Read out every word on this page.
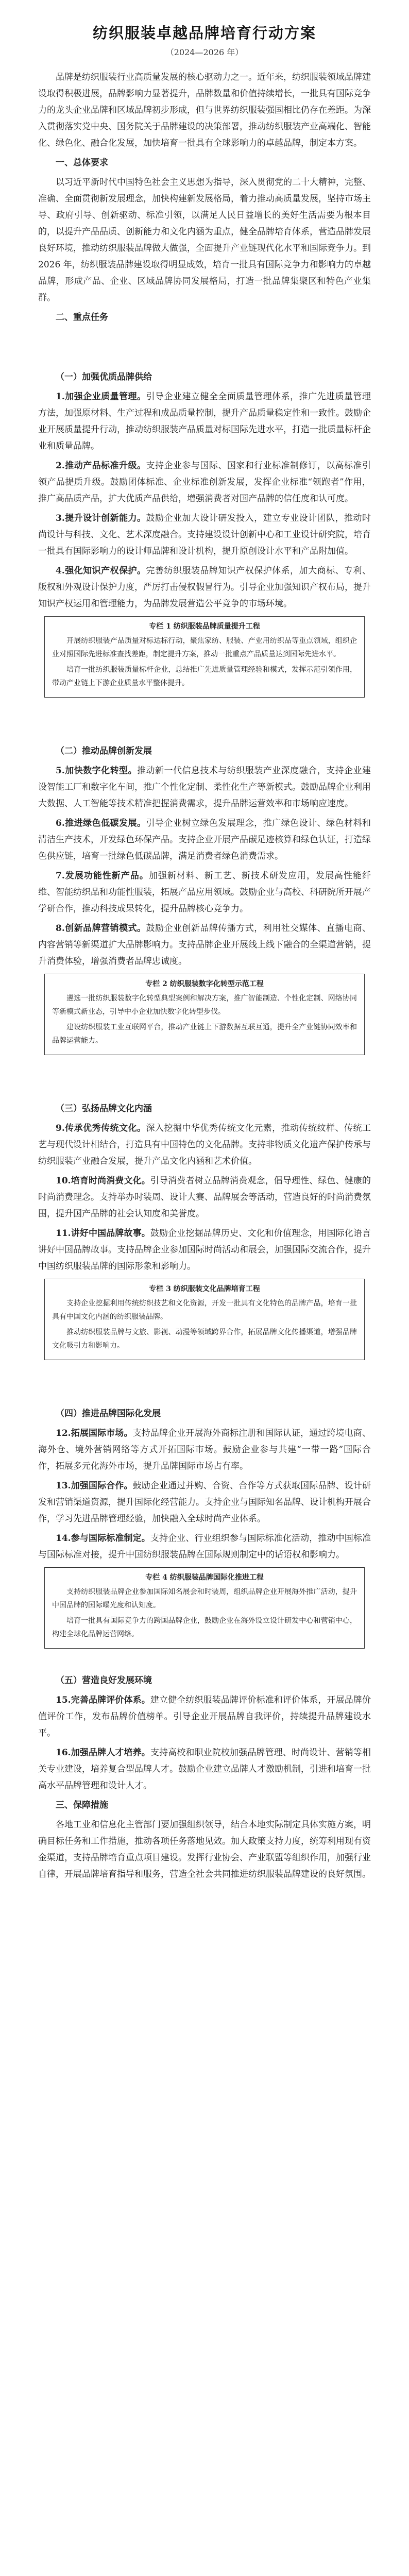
纺织服装卓越品牌培育行动方案
（2024—2026 年）

品牌是纺织服装行业高质量发展的核心驱动力之一。近年来，纺织服装领域品牌建设取得积极进展，品牌影响力显著提升，品牌数量和价值持续增长，一批具有国际竞争力的龙头企业品牌和区域品牌初步形成，但与世界纺织服装强国相比仍存在差距。为深入贯彻落实党中央、国务院关于品牌建设的决策部署，推动纺织服装产业高端化、智能化、绿色化、融合化发展，加快培育一批具有全球影响力的卓越品牌，制定本方案。

一、总体要求

以习近平新时代中国特色社会主义思想为指导，深入贯彻党的二十大精神，完整、准确、全面贯彻新发展理念，加快构建新发展格局，着力推动高质量发展，坚持市场主导、政府引导、创新驱动、标准引领，以满足人民日益增长的美好生活需要为根本目的，以提升产品品质、创新能力和文化内涵为重点，健全品牌培育体系，营造品牌发展良好环境，推动纺织服装品牌做大做强，全面提升产业链现代化水平和国际竞争力。到 2026 年，纺织服装品牌建设取得明显成效，培育一批具有国际竞争力和影响力的卓越品牌，形成产品、企业、区域品牌协同发展格局，打造一批品牌集聚区和特色产业集群。

二、重点任务
（一）加强优质品牌供给

1.加强企业质量管理。引导企业建立健全全面质量管理体系，推广先进质量管理方法，加强原材料、生产过程和成品质量控制，提升产品质量稳定性和一致性。鼓励企业开展质量提升行动，推动纺织服装产品质量对标国际先进水平，打造一批质量标杆企业和质量品牌。

2.推动产品标准升级。支持企业参与国际、国家和行业标准制修订，以高标准引领产品提质升级。鼓励团体标准、企业标准创新发展，发挥企业标准“领跑者”作用，推广高品质产品，扩大优质产品供给，增强消费者对国产品牌的信任度和认可度。

3.提升设计创新能力。鼓励企业加大设计研发投入，建立专业设计团队，推动时尚设计与科技、文化、艺术深度融合。支持建设设计创新中心和工业设计研究院，培育一批具有国际影响力的设计师品牌和设计机构，提升原创设计水平和产品附加值。

4.强化知识产权保护。完善纺织服装品牌知识产权保护体系，加大商标、专利、版权和外观设计保护力度，严厉打击侵权假冒行为。引导企业加强知识产权布局，提升知识产权运用和管理能力，为品牌发展营造公平竞争的市场环境。

专栏 1 纺织服装品牌质量提升工程

开展纺织服装产品质量对标达标行动，聚焦家纺、服装、产业用纺织品等重点领域，组织企业对照国际先进标准查找差距，制定提升方案，推动一批重点产品质量达到国际先进水平。

培育一批纺织服装质量标杆企业，总结推广先进质量管理经验和模式，发挥示范引领作用，带动产业链上下游企业质量水平整体提升。

（二）推动品牌创新发展

5.加快数字化转型。推动新一代信息技术与纺织服装产业深度融合，支持企业建设智能工厂和数字化车间，推广个性化定制、柔性化生产等新模式。鼓励品牌企业利用大数据、人工智能等技术精准把握消费需求，提升品牌运营效率和市场响应速度。

6.推进绿色低碳发展。引导企业树立绿色发展理念，推广绿色设计、绿色材料和清洁生产技术，开发绿色环保产品。支持企业开展产品碳足迹核算和绿色认证，打造绿色供应链，培育一批绿色低碳品牌，满足消费者绿色消费需求。

7.发展功能性新产品。加强新材料、新工艺、新技术研发应用，发展高性能纤维、智能纺织品和功能性服装，拓展产品应用领域。鼓励企业与高校、科研院所开展产学研合作，推动科技成果转化，提升品牌核心竞争力。

8.创新品牌营销模式。鼓励企业创新品牌传播方式，利用社交媒体、直播电商、内容营销等新渠道扩大品牌影响力。支持品牌企业开展线上线下融合的全渠道营销，提升消费体验，增强消费者品牌忠诚度。

专栏 2 纺织服装数字化转型示范工程

遴选一批纺织服装数字化转型典型案例和解决方案，推广智能制造、个性化定制、网络协同等新模式新业态，引导中小企业加快数字化转型步伐。

建设纺织服装工业互联网平台，推动产业链上下游数据互联互通，提升全产业链协同效率和品牌运营能力。

（三）弘扬品牌文化内涵

9.传承优秀传统文化。深入挖掘中华优秀传统文化元素，推动传统纹样、传统工艺与现代设计相结合，打造具有中国特色的文化品牌。支持非物质文化遗产保护传承与纺织服装产业融合发展，提升产品文化内涵和艺术价值。

10.培育时尚消费文化。引导消费者树立品牌消费观念，倡导理性、绿色、健康的时尚消费理念。支持举办时装周、设计大赛、品牌展会等活动，营造良好的时尚消费氛围，提升国产品牌的社会认知度和美誉度。

11.讲好中国品牌故事。鼓励企业挖掘品牌历史、文化和价值理念，用国际化语言讲好中国品牌故事。支持品牌企业参加国际时尚活动和展会，加强国际交流合作，提升中国纺织服装品牌的国际形象和影响力。

专栏 3 纺织服装文化品牌培育工程

支持企业挖掘利用传统纺织技艺和文化资源，开发一批具有文化特色的品牌产品，培育一批具有中国文化内涵的纺织服装品牌。

推动纺织服装品牌与文旅、影视、动漫等领域跨界合作，拓展品牌文化传播渠道，增强品牌文化吸引力和影响力。

（四）推进品牌国际化发展

12.拓展国际市场。支持品牌企业开展海外商标注册和国际认证，通过跨境电商、海外仓、境外营销网络等方式开拓国际市场。鼓励企业参与共建“一带一路”国际合作，拓展多元化海外市场，提升品牌国际市场占有率。

13.加强国际合作。鼓励企业通过并购、合资、合作等方式获取国际品牌、设计研发和营销渠道资源，提升国际化经营能力。支持企业与国际知名品牌、设计机构开展合作，学习先进品牌管理经验，加快融入全球时尚产业体系。

14.参与国际标准制定。支持企业、行业组织参与国际标准化活动，推动中国标准与国际标准对接，提升中国纺织服装品牌在国际规则制定中的话语权和影响力。

专栏 4 纺织服装品牌国际化推进工程

支持纺织服装品牌企业参加国际知名展会和时装周，组织品牌企业开展海外推广活动，提升中国品牌的国际曝光度和认知度。

培育一批具有国际竞争力的跨国品牌企业，鼓励企业在海外设立设计研发中心和营销中心，构建全球化品牌运营网络。

（五）营造良好发展环境

15.完善品牌评价体系。建立健全纺织服装品牌评价标准和评价体系，开展品牌价值评价工作，发布品牌价值榜单。引导企业开展品牌自我评价，持续提升品牌建设水平。

16.加强品牌人才培养。支持高校和职业院校加强品牌管理、时尚设计、营销等相关专业建设，培养复合型品牌人才。鼓励企业建立品牌人才激励机制，引进和培育一批高水平品牌管理和设计人才。

三、保障措施

各地工业和信息化主管部门要加强组织领导，结合本地实际制定具体实施方案，明确目标任务和工作措施，推动各项任务落地见效。加大政策支持力度，统筹利用现有资金渠道，支持品牌培育重点项目建设。发挥行业协会、产业联盟等组织作用，加强行业自律，开展品牌培育指导和服务，营造全社会共同推进纺织服装品牌建设的良好氛围。
